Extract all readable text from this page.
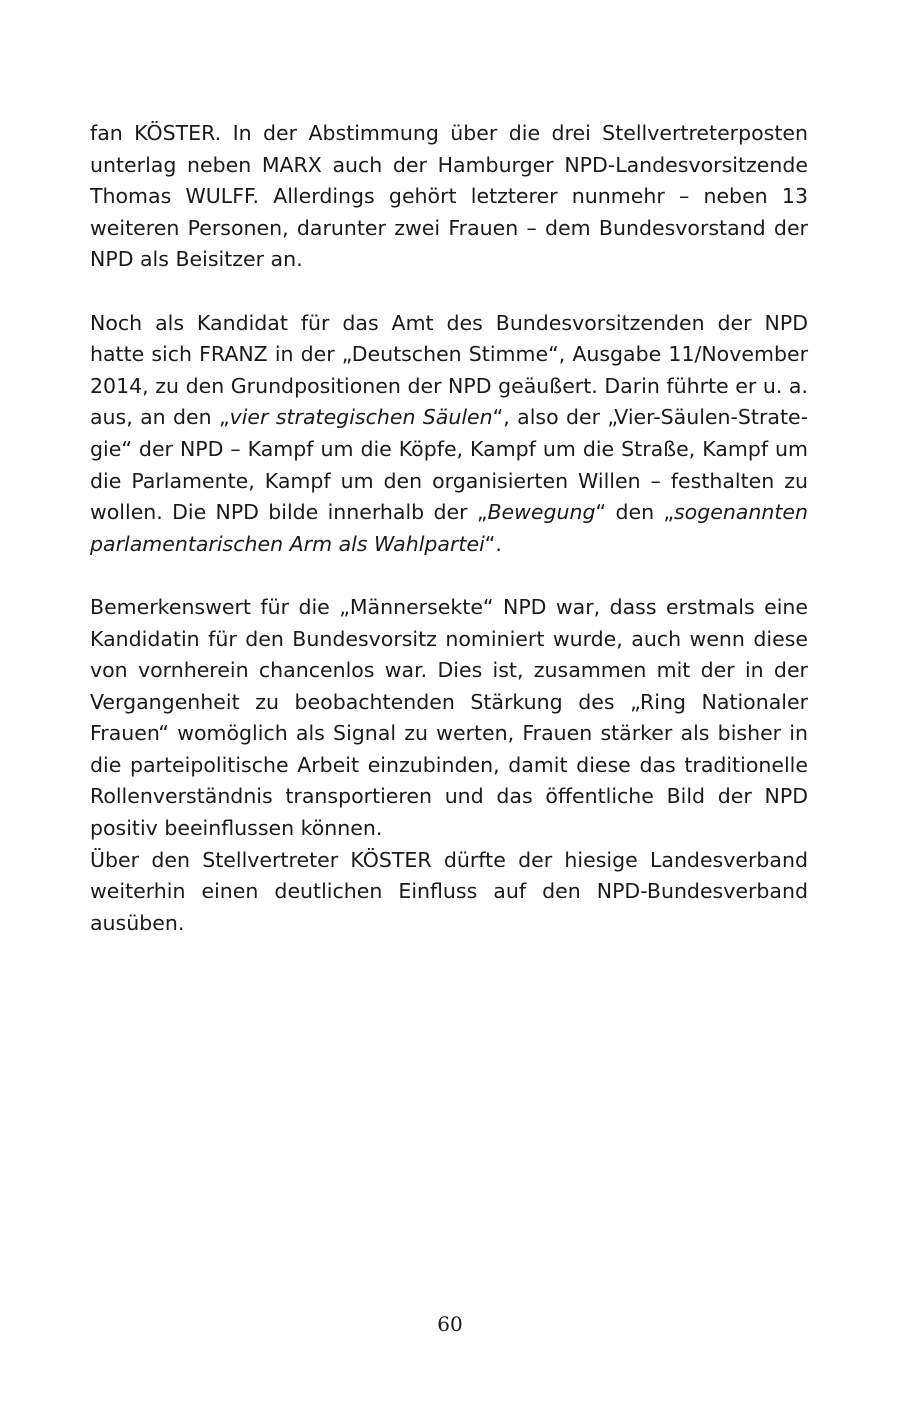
fan KÖSTER. In der Abstimmung über die drei Stellvertreterposten unterlag neben MARX auch der Hamburger NPD-Landesvorsitzende Thomas WULFF. Allerdings gehört letzterer nunmehr – neben 13 weiteren Personen, darunter zwei Frauen – dem Bundesvorstand der NPD als Beisitzer an.

Noch als Kandidat für das Amt des Bundesvorsitzenden der NPD hatte sich FRANZ in der „Deutschen Stimme“, Ausgabe 11/November 2014, zu den Grundpositionen der NPD geäußert. Darin führte er u. a. aus, an den „vier strategischen Säulen“, also der „Vier-Säulen-Strategie“ der NPD – Kampf um die Köpfe, Kampf um die Straße, Kampf um die Parlamente, Kampf um den organisierten Willen – festhalten zu wollen. Die NPD bilde innerhalb der „Bewegung“ den „sogenannten parlamentarischen Arm als Wahlpartei“.

Bemerkenswert für die „Männersekte“ NPD war, dass erstmals eine Kandidatin für den Bundesvorsitz nominiert wurde, auch wenn diese von vornherein chancenlos war. Dies ist, zusammen mit der in der Vergangenheit zu beobachtenden Stärkung des „Ring Nationaler Frauen“ womöglich als Signal zu werten, Frauen stärker als bisher in die parteipolitische Arbeit einzubinden, damit diese das traditionelle Rollenverständnis transportieren und das öffentliche Bild der NPD positiv beeinflussen können.

Über den Stellvertreter KÖSTER dürfte der hiesige Landesverband weiterhin einen deutlichen Einfluss auf den NPD-Bundesverband ausüben.

60
